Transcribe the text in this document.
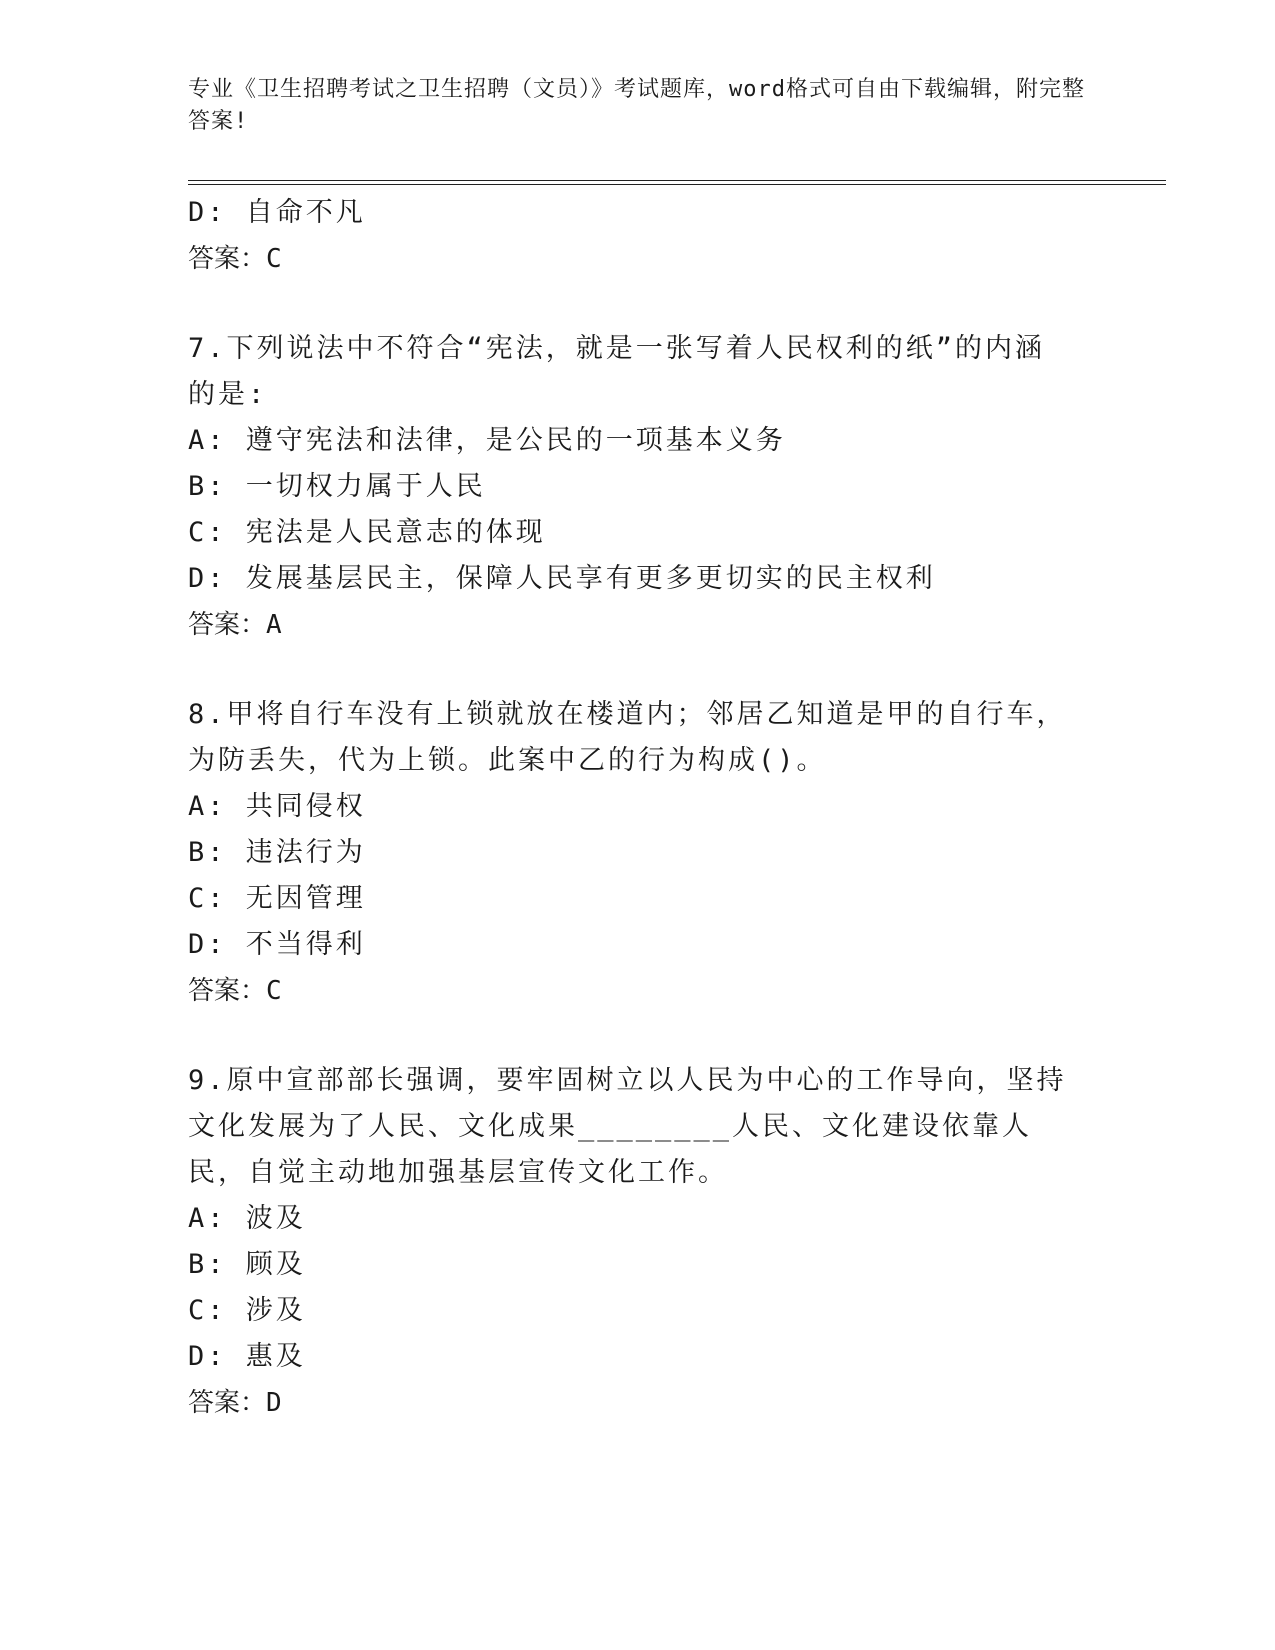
专业《卫生招聘考试之卫生招聘（文员）》考试题库，word格式可自由下载编辑，附完整答案!

D: 自命不凡

答案：C

7.下列说法中不符合“宪法，就是一张写着人民权利的纸”的内涵的是:

A: 遵守宪法和法律，是公民的一项基本义务

B: 一切权力属于人民

C: 宪法是人民意志的体现

D: 发展基层民主，保障人民享有更多更切实的民主权利

答案：A

8.甲将自行车没有上锁就放在楼道内；邻居乙知道是甲的自行车，为防丢失，代为上锁。此案中乙的行为构成()。

A: 共同侵权

B: 违法行为

C: 无因管理

D: 不当得利

答案：C

9.原中宣部部长强调，要牢固树立以人民为中心的工作导向，坚持文化发展为了人民、文化成果________人民、文化建设依靠人民，自觉主动地加强基层宣传文化工作。

A: 波及

B: 顾及

C: 涉及

D: 惠及

答案：D
